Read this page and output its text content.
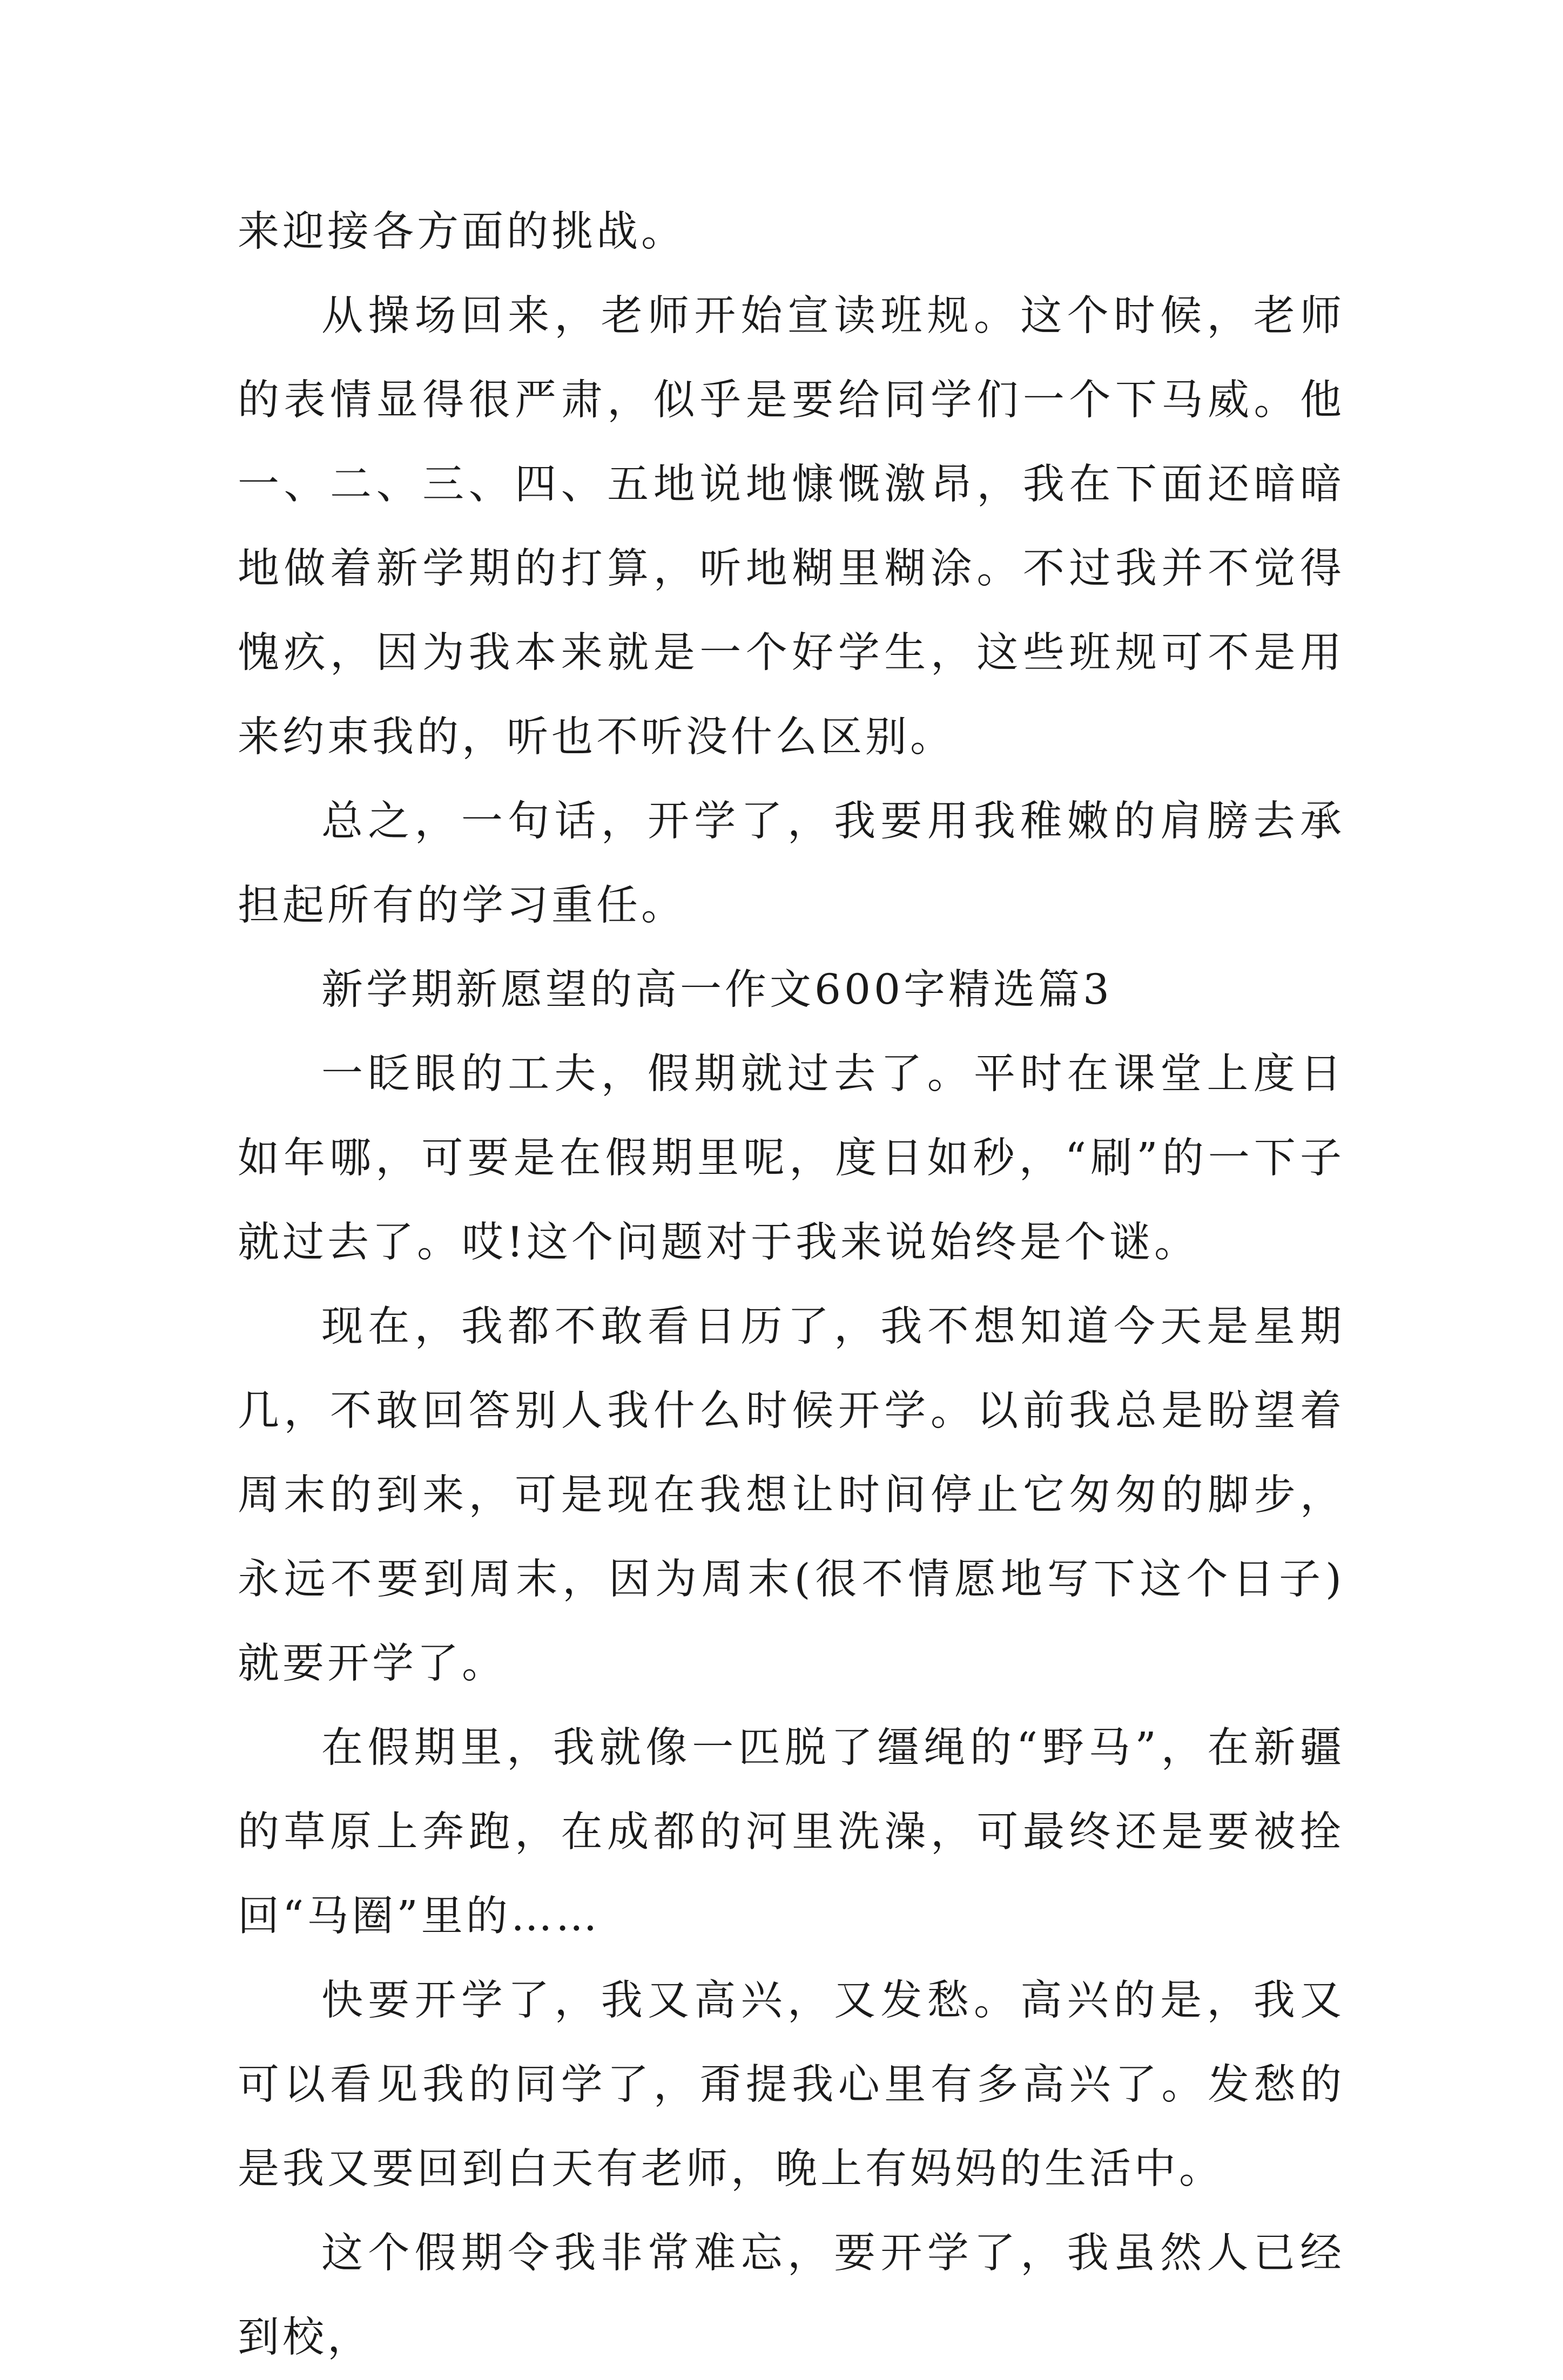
来迎接各方面的挑战。

从操场回来，老师开始宣读班规。这个时候，老师的表情显得很严肃，似乎是要给同学们一个下马威。他一、二、三、四、五地说地慷慨激昂，我在下面还暗暗地做着新学期的打算，听地糊里糊涂。不过我并不觉得愧疚，因为我本来就是一个好学生，这些班规可不是用来约束我的，听也不听没什么区别。

总之，一句话，开学了，我要用我稚嫩的肩膀去承担起所有的学习重任。

新学期新愿望的高一作文600字精选篇3

一眨眼的工夫，假期就过去了。平时在课堂上度日如年哪，可要是在假期里呢，度日如秒，“刷”的一下子就过去了。哎!这个问题对于我来说始终是个谜。

现在，我都不敢看日历了，我不想知道今天是星期几，不敢回答别人我什么时候开学。以前我总是盼望着周末的到来，可是现在我想让时间停止它匆匆的脚步，永远不要到周末，因为周末(很不情愿地写下这个日子)就要开学了。

在假期里，我就像一匹脱了缰绳的“野马”，在新疆的草原上奔跑，在成都的河里洗澡，可最终还是要被拴回“马圈”里的……

快要开学了，我又高兴，又发愁。高兴的是，我又可以看见我的同学了，甭提我心里有多高兴了。发愁的是我又要回到白天有老师，晚上有妈妈的生活中。

这个假期令我非常难忘，要开学了，我虽然人已经到校，
